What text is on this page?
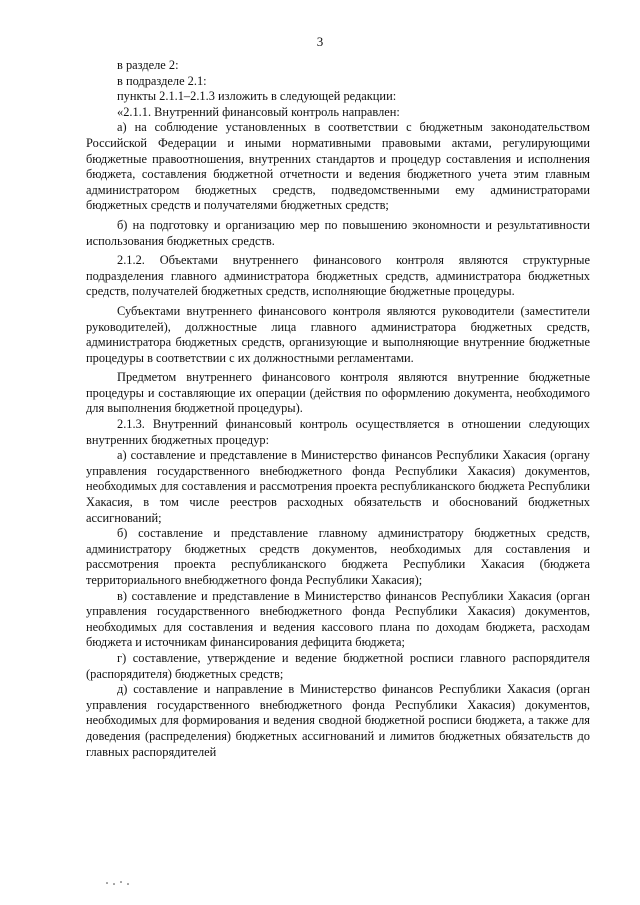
3

в разделе 2:

в подразделе 2.1:

пункты 2.1.1–2.1.3 изложить в следующей редакции:

«2.1.1. Внутренний финансовый контроль направлен:

а) на соблюдение установленных в соответствии с бюджетным законодательством Российской Федерации и иными нормативными правовыми актами, регулирующими бюджетные правоотношения, внутренних стандартов и процедур составления и исполнения бюджета, составления бюджетной отчетности и ведения бюджетного учета этим главным администратором бюджетных средств, подведомственными ему администраторами бюджетных средств и получателями бюджетных средств;

б) на подготовку и организацию мер по повышению экономности и результативности использования бюджетных средств.

2.1.2. Объектами внутреннего финансового контроля являются структурные подразделения главного администратора бюджетных средств, администратора бюджетных средств, получателей бюджетных средств, исполняющие бюджетные процедуры.

Субъектами внутреннего финансового контроля являются руководители (заместители руководителей), должностные лица главного администратора бюджетных средств, администратора бюджетных средств, организующие и выполняющие внутренние бюджетные процедуры в соответствии с их должностными регламентами.

Предметом внутреннего финансового контроля являются внутренние бюджетные процедуры и составляющие их операции (действия по оформлению документа, необходимого для выполнения бюджетной процедуры).

2.1.3. Внутренний финансовый контроль осуществляется в отношении следующих внутренних бюджетных процедур:

а) составление и представление в Министерство финансов Республики Хакасия (органу управления государственного внебюджетного фонда Республики Хакасия) документов, необходимых для составления и рассмотрения проекта республиканского бюджета Республики Хакасия, в том числе реестров расходных обязательств и обоснований бюджетных ассигнований;

б) составление и представление главному администратору бюджетных средств, администратору бюджетных средств документов, необходимых для составления и рассмотрения проекта республиканского бюджета Республики Хакасия (бюджета территориального внебюджетного фонда Республики Хакасия);

в) составление и представление в Министерство финансов Республики Хакасия (орган управления государственного внебюджетного фонда Республики Хакасия) документов, необходимых для составления и ведения кассового плана по доходам бюджета, расходам бюджета и источникам финансирования дефицита бюджета;

г) составление, утверждение и ведение бюджетной росписи главного распорядителя (распорядителя) бюджетных средств;

д) составление и направление в Министерство финансов Республики Хакасия (орган управления государственного внебюджетного фонда Республики Хакасия) документов, необходимых для формирования и ведения сводной бюджетной росписи бюджета, а также для доведения (распределения) бюджетных ассигнований и лимитов бюджетных обязательств до главных распорядителей
